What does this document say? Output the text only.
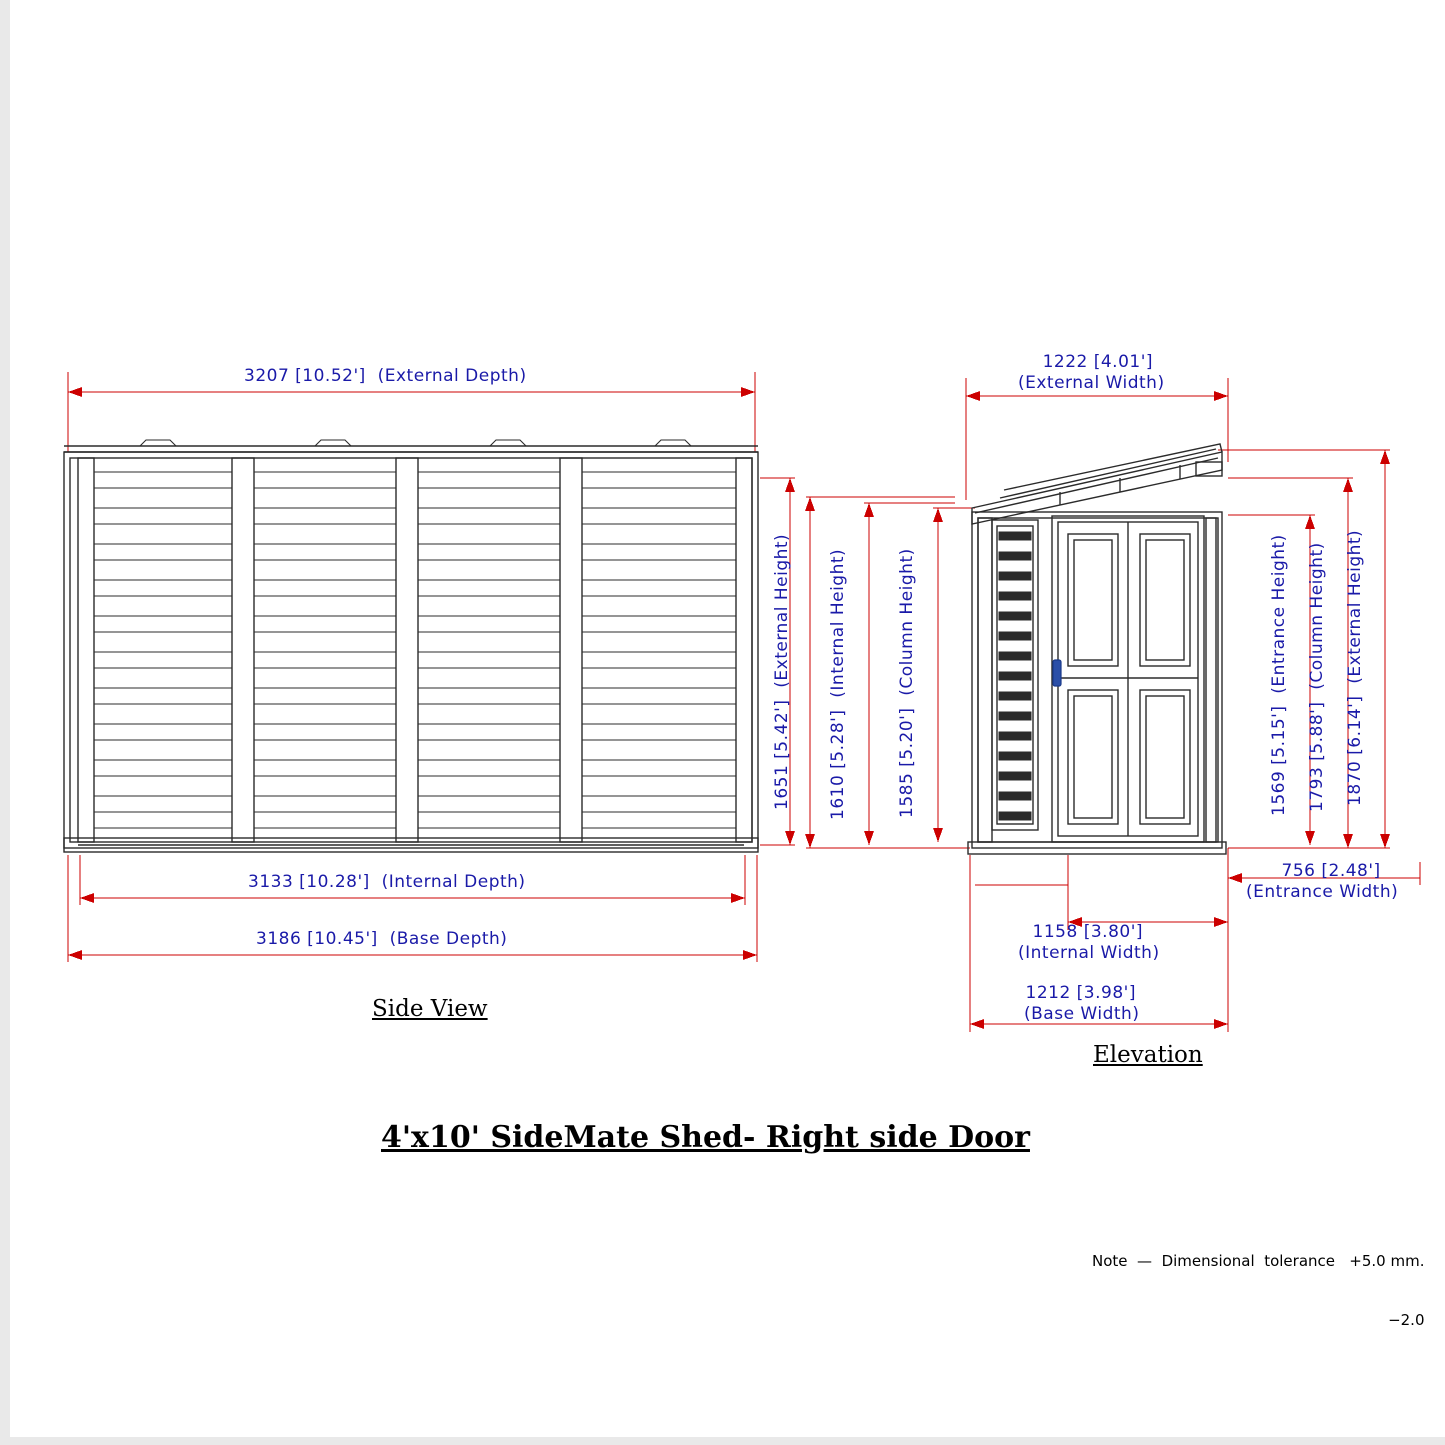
3207 [10.52'] (External Depth)
3133 [10.28'] (Internal Depth)
3186 [10.45'] (Base Depth)
1651 [5.42']  (External Height)
Side View
1222 [4.01']
(External Width)
1610 [5.28']  (Internal Height)
1585 [5.20']  (Column Height)
1569 [5.15']  (Entrance Height)
1793 [5.88']  (Column Height)
1870 [6.14']  (External Height)
756 [2.48']
(Entrance Width)
1158 [3.80']
(Internal Width)
1212 [3.98']
(Base Width)
Elevation
4'x10' SideMate Shed- Right side Door

Note  —  Dimensional  tolerance   +5.0 mm.

−2.0
